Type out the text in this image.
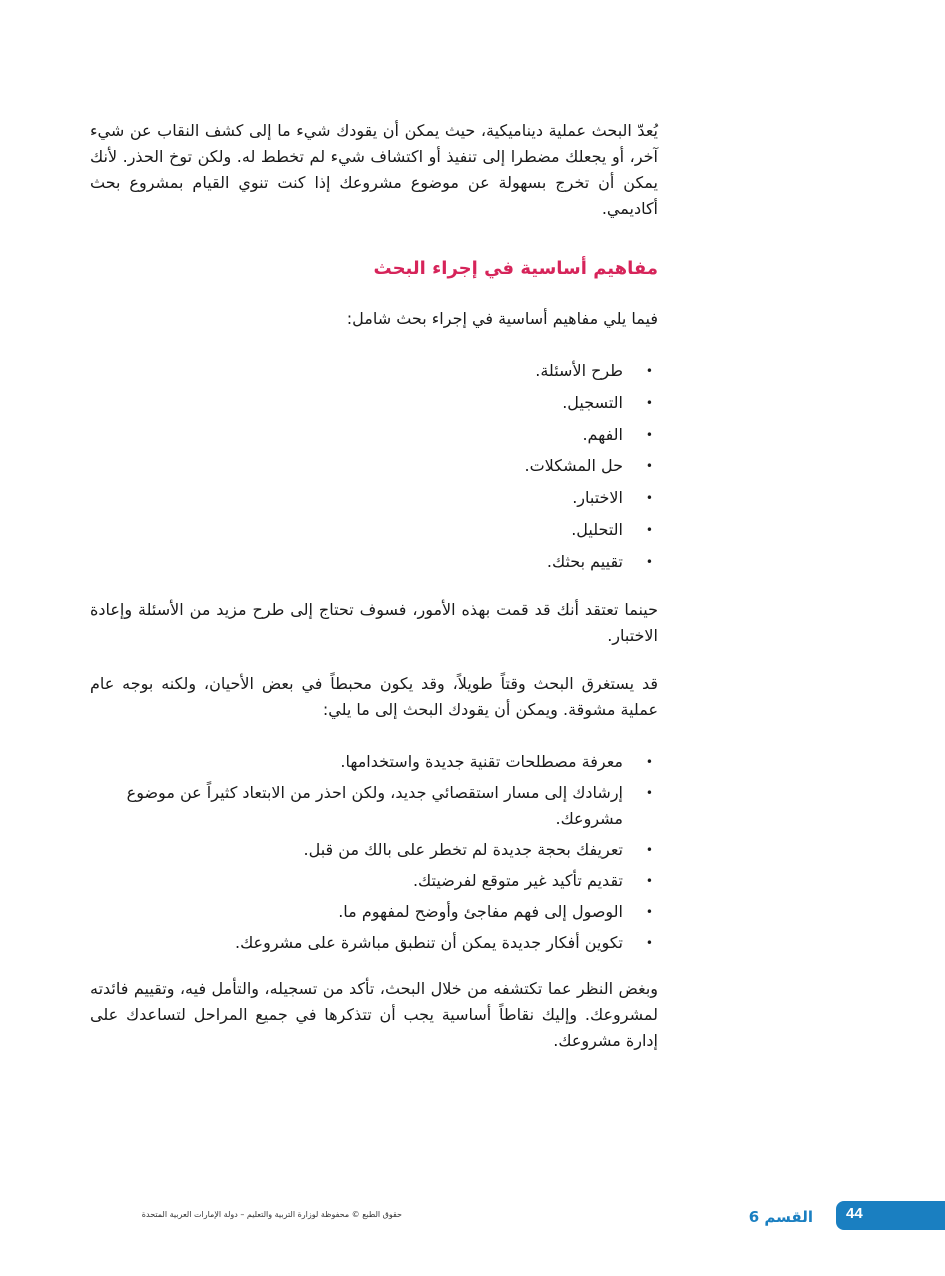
يُعدّ البحث عملية ديناميكية، حيث يمكن أن يقودك شيء ما إلى كشف النقاب عن شيء آخر، أو يجعلك مضطرا إلى تنفيذ أو اكتشاف شيء لم تخطط له. ولكن توخ الحذر. لأنك يمكن أن تخرج بسهولة عن موضوع مشروعك إذا كنت تنوي القيام بمشروع بحث أكاديمي.

مفاهيم أساسية في إجراء البحث

فيما يلي مفاهيم أساسية في إجراء بحث شامل:

•
طرح الأسئلة.
•
التسجيل.
•
الفهم.
•
حل المشكلات.
•
الاختبار.
•
التحليل.
•
تقييم بحثك.

حينما تعتقد أنك قد قمت بهذه الأمور، فسوف تحتاج إلى طرح مزيد من الأسئلة وإعادة الاختبار.

قد يستغرق البحث وقتاً طويلاً، وقد يكون محبطاً في بعض الأحيان، ولكنه بوجه عام عملية مشوقة. ويمكن أن يقودك البحث إلى ما يلي:

•
معرفة مصطلحات تقنية جديدة واستخدامها.
•
إرشادك إلى مسار استقصائي جديد، ولكن احذر من الابتعاد كثيراً عن موضوع مشروعك.
•
تعريفك بحجة جديدة لم تخطر على بالك من قبل.
•
تقديم تأكيد غير متوقع لفرضيتك.
•
الوصول إلى فهم مفاجئ وأوضح لمفهوم ما.
•
تكوين أفكار جديدة يمكن أن تنطبق مباشرة على مشروعك.

وبغض النظر عما تكتشفه من خلال البحث، تأكد من تسجيله، والتأمل فيه، وتقييم فائدته لمشروعك. وإليك نقاطاً أساسية يجب أن تتذكرها في جميع المراحل لتساعدك على إدارة مشروعك.

حقوق الطبع © محفوظة لوزارة التربية والتعليم – دولة الإمارات العربية المتحدة	القسم 6 44
